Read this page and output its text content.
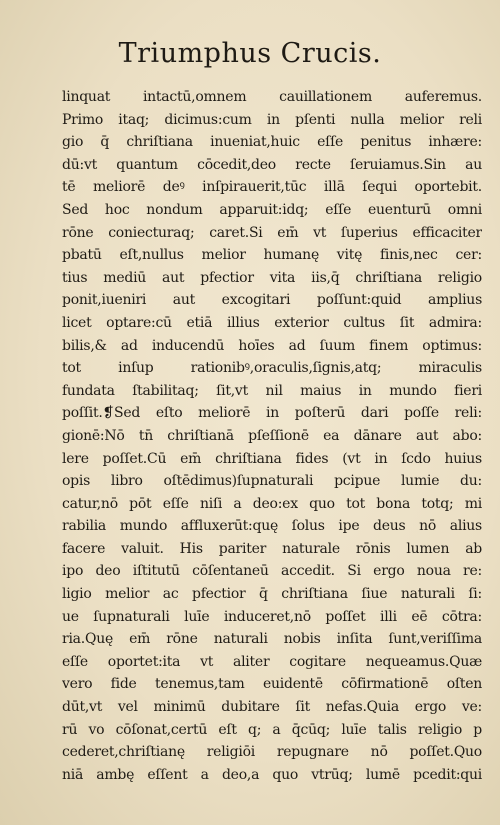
Triumphus Crucis.
linquat intactū,omnem cauillationem auferemus.
Primo itaq; dicimus:cum in pſenti nulla melior reli
gio q̄ chriſtiana inueniat,huic eſſe penitus inhære:
dū:vt quantum cōcedit,deo recte ſeruiamus.Sin au
tē meliorē deꝰ inſpirauerit,tūc illā ſequi oportebit.
Sed hoc nondum apparuit:idq; eſſe euenturū omni
rōne coniecturaq; caret.Si em̄ vt ſuperius efficaciter
pbatū eſt,nullus melior humanę vitę finis,nec cer:
tius mediū aut pfectior vita iis,q̄ chriſtiana religio
ponit,iueniri aut excogitari poſſunt:quid amplius
licet optare:cū etiā illius exterior cultus ſit admira:
bilis,& ad inducendū hoīes ad ſuum finem optimus:
tot inſup rationibꝰ,oraculis,ſignis,atq; miraculis
fundata ſtabilitaq; ſit,vt nil maius in mundo fieri
poſſit.❡Sed eſto meliorē in poſterū dari poſſe reli:
gionē:Nō tn̄ chriſtianā pſeſſionē ea dānare aut abo:
lere poſſet.Cū em̄ chriſtiana fides (vt in ſcdo huius
opis libro oſtēdimus)ſupnaturali pcipue lumie du:
catur,nō pōt eſſe niſi a deo:ex quo tot bona totq; mi
rabilia mundo affluxerūt:quę ſolus ipe deus nō alius
facere valuit. His pariter naturale rōnis lumen ab
ipo deo iſtitutū cōſentaneū accedit. Si ergo noua re:
ligio melior ac pfectior q̄ chriſtiana ſiue naturali ſi:
ue ſupnaturali luīe induceret,nō poſſet illi eē cōtra:
ria.Quę em̄ rōne naturali nobis inſita ſunt,veriſſima
eſſe oportet:ita vt aliter cogitare nequeamus.Quæ
vero fide tenemus,tam euidentē cōfirmationē oſten
dūt,vt vel minimū dubitare ſit nefas.Quia ergo ve:
rū vo cōſonat,certū eſt q; a q̄cūq; luīe talis religio p
cederet,chriſtianę religiōi repugnare nō poſſet.Quo
niā ambę eſſent a deo,a quo vtrūq; lumē pcedit:qui
